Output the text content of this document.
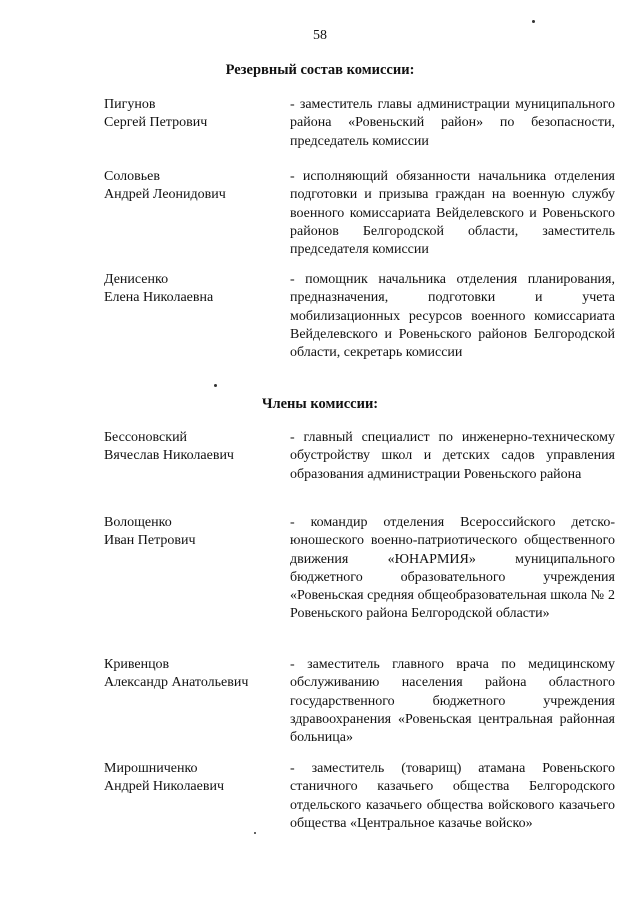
58
Резервный состав комиссии:
Пигунов
Сергей Петрович
- заместитель главы администрации муниципального района «Ровеньский район» по безопасности, председатель комиссии
Соловьев
Андрей Леонидович
- исполняющий обязанности начальника отделения подготовки и призыва граждан на военную службу военного комиссариата Вейделевского и Ровеньского районов Белгородской области, заместитель председателя комиссии
Денисенко
Елена Николаевна
- помощник начальника отделения планирования, предназначения, подготовки и учета мобилизационных ресурсов военного комиссариата Вейделевского и Ровеньского районов Белгородской области, секретарь комиссии
Члены комиссии:
Бессоновский
Вячеслав Николаевич
- главный специалист по инженерно-техническому обустройству школ и детских садов управления образования администрации Ровеньского района
Волощенко
Иван Петрович
- командир отделения Всероссийского детско-юношеского военно-патриотического общественного движения «ЮНАРМИЯ» муниципального бюджетного образовательного учреждения «Ровеньская средняя общеобразовательная школа № 2 Ровеньского района Белгородской области»
Кривенцов
Александр Анатольевич
- заместитель главного врача по медицинскому обслуживанию населения района областного государственного бюджетного учреждения здравоохранения «Ровеньская центральная районная больница»
Мирошниченко
Андрей Николаевич
- заместитель (товарищ) атамана Ровеньского станичного казачьего общества Белгородского отдельского казачьего общества войскового казачьего общества «Центральное казачье войско»
